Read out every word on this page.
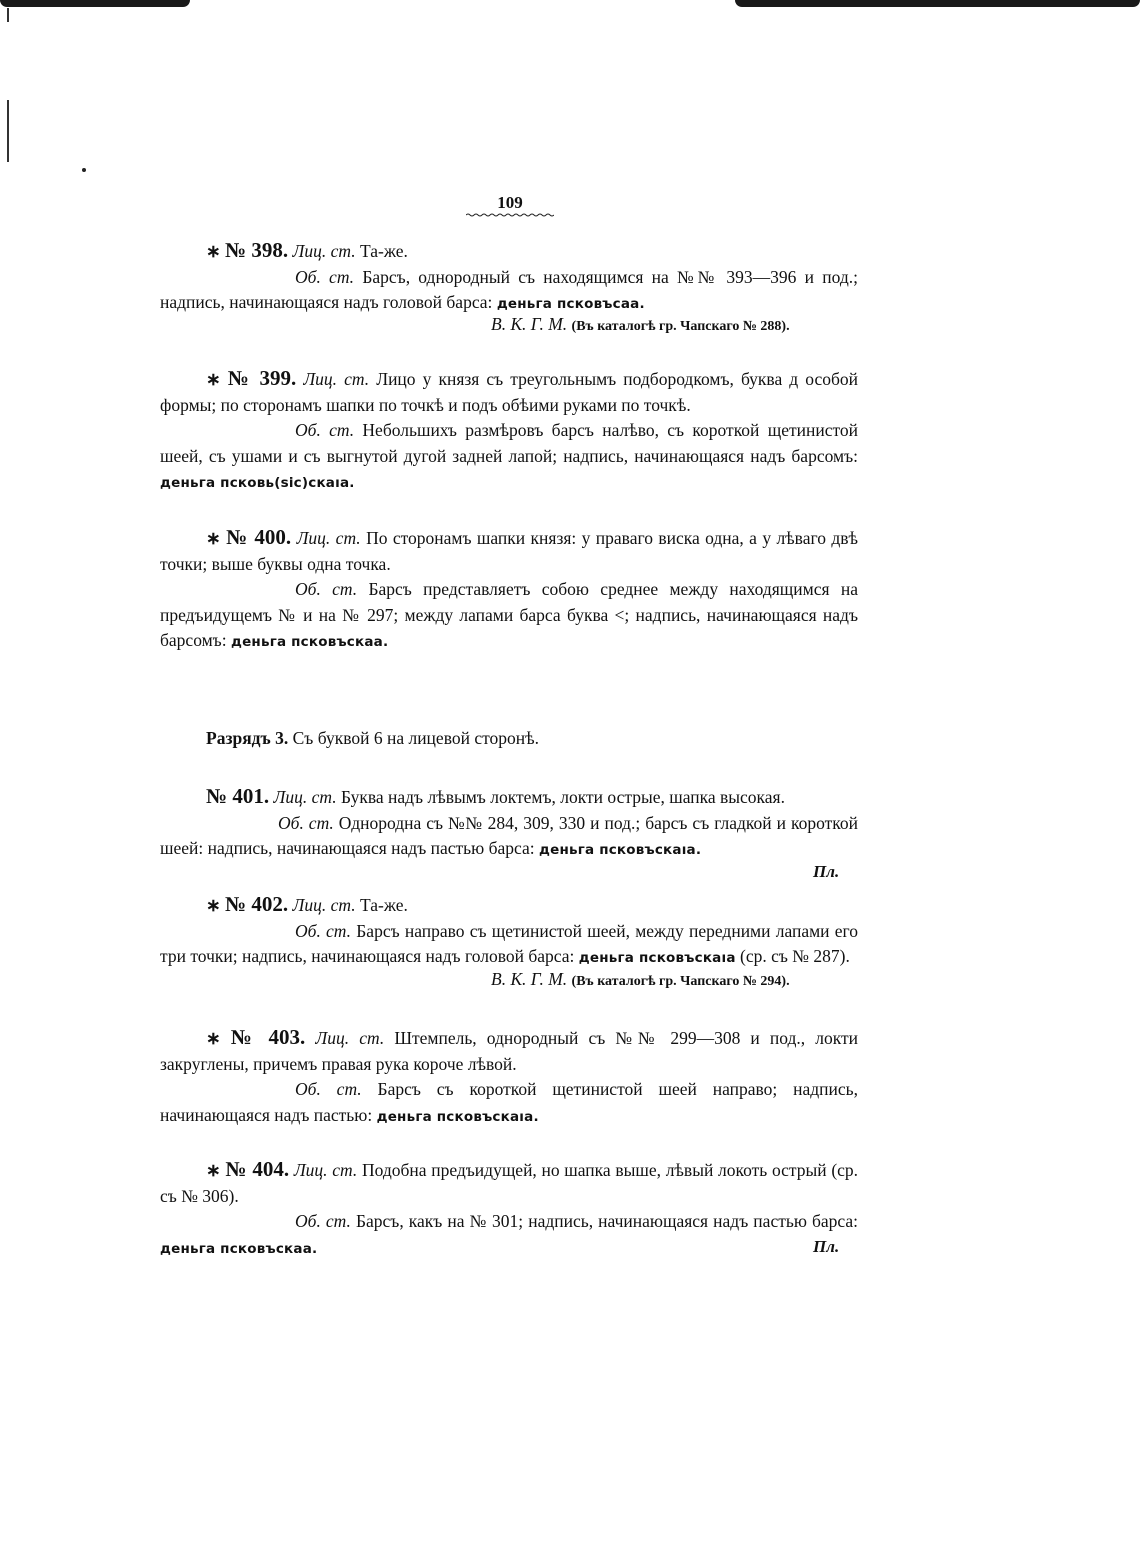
109
∗ № 398. Лиц. ст. Та-же.
Об. ст. Барсъ, однородный съ находящимся на №№ 393—396 и под.; надпись, начинающаяся надъ головой барса: деньга псковъсаа.
В. К. Г. М. (Въ каталогѣ гр. Чапскаго № 288).
∗ № 399. Лиц. ст. Лицо у князя съ треугольнымъ подбородкомъ, буква д особой формы; по сторонамъ шапки по точкѣ и подъ обѣими руками по точкѣ.
Об. ст. Небольшихъ размѣровъ барсъ налѣво, съ короткой щетинистой шеей, съ ушами и съ выгнутой дугой задней лапой; надпись, начинающаяся надъ барсомъ: деньга псковь(sic)скаıа.
∗ № 400. Лиц. ст. По сторонамъ шапки князя: у праваго виска одна, а у лѣваго двѣ точки; выше буквы одна точка.
Об. ст. Барсъ представляетъ собою среднее между находящимся на предъидущемъ № и на № 297; между лапами барса буква <; надпись, начинающаяся надъ барсомъ: деньга псковъскаа.
Разрядъ 3. Съ буквой 6 на лицевой сторонѣ.
№ 401. Лиц. ст. Буква надъ лѣвымъ локтемъ, локти острые, шапка высокая.
Об. ст. Однородна съ №№ 284, 309, 330 и под.; барсъ съ гладкой и короткой шеей: надпись, начинающаяся надъ пастью барса: деньга псковъскаıа.
Пл.
∗ № 402. Лиц. ст. Та-же.
Об. ст. Барсъ направо съ щетинистой шеей, между передними лапами его три точки; надпись, начинающаяся надъ головой барса: деньга псковъскаıа (ср. съ № 287).
В. К. Г. М. (Въ каталогѣ гр. Чапскаго № 294).
∗ № 403. Лиц. ст. Штемпель, однородный съ №№ 299—308 и под., локти закруглены, причемъ правая рука короче лѣвой.
Об. ст. Барсъ съ короткой щетинистой шеей направо; надпись, начинающаяся надъ пастью: деньга псковъскаıа.
∗ № 404. Лиц. ст. Подобна предъидущей, но шапка выше, лѣвый локоть острый (ср. съ № 306).
Об. ст. Барсъ, какъ на № 301; надпись, начинающаяся надъ пастью барса: деньга псковъскаа.	Пл.
